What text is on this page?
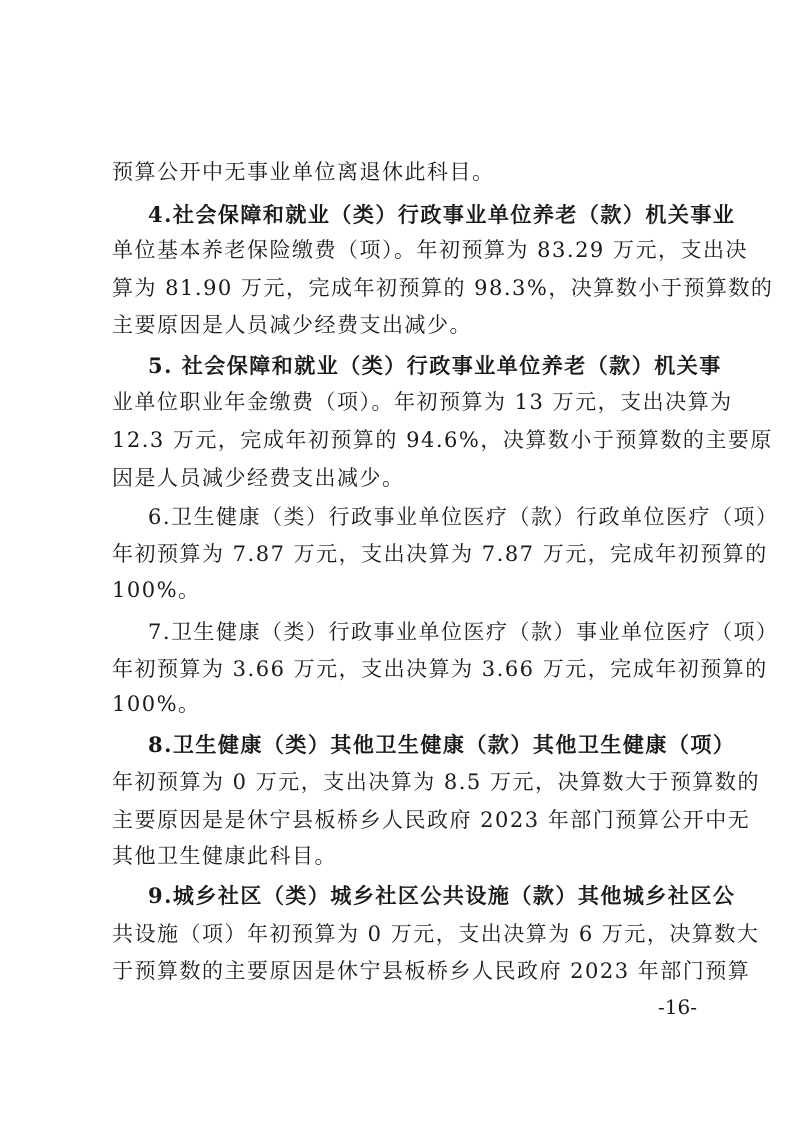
预算公开中无事业单位离退休此科目。
4.社会保障和就业（类）行政事业单位养老（款）机关事业
单位基本养老保险缴费（项）。年初预算为 83.29 万元，支出决
算为 81.90 万元，完成年初预算的 98.3%，决算数小于预算数的
主要原因是人员减少经费支出减少。
5. 社会保障和就业（类）行政事业单位养老（款）机关事
业单位职业年金缴费（项）。年初预算为 13 万元，支出决算为
12.3 万元，完成年初预算的 94.6%，决算数小于预算数的主要原
因是人员减少经费支出减少。
6.卫生健康（类）行政事业单位医疗（款）行政单位医疗（项）
年初预算为 7.87 万元，支出决算为 7.87 万元，完成年初预算的
100%。
7.卫生健康（类）行政事业单位医疗（款）事业单位医疗（项）
年初预算为 3.66 万元，支出决算为 3.66 万元，完成年初预算的
100%。
8.卫生健康（类）其他卫生健康（款）其他卫生健康（项）
年初预算为 0 万元，支出决算为 8.5 万元，决算数大于预算数的
主要原因是是休宁县板桥乡人民政府 2023 年部门预算公开中无
其他卫生健康此科目。
9.城乡社区（类）城乡社区公共设施（款）其他城乡社区公
共设施（项）年初预算为 0 万元，支出决算为 6 万元，决算数大
于预算数的主要原因是休宁县板桥乡人民政府 2023 年部门预算
-16-
